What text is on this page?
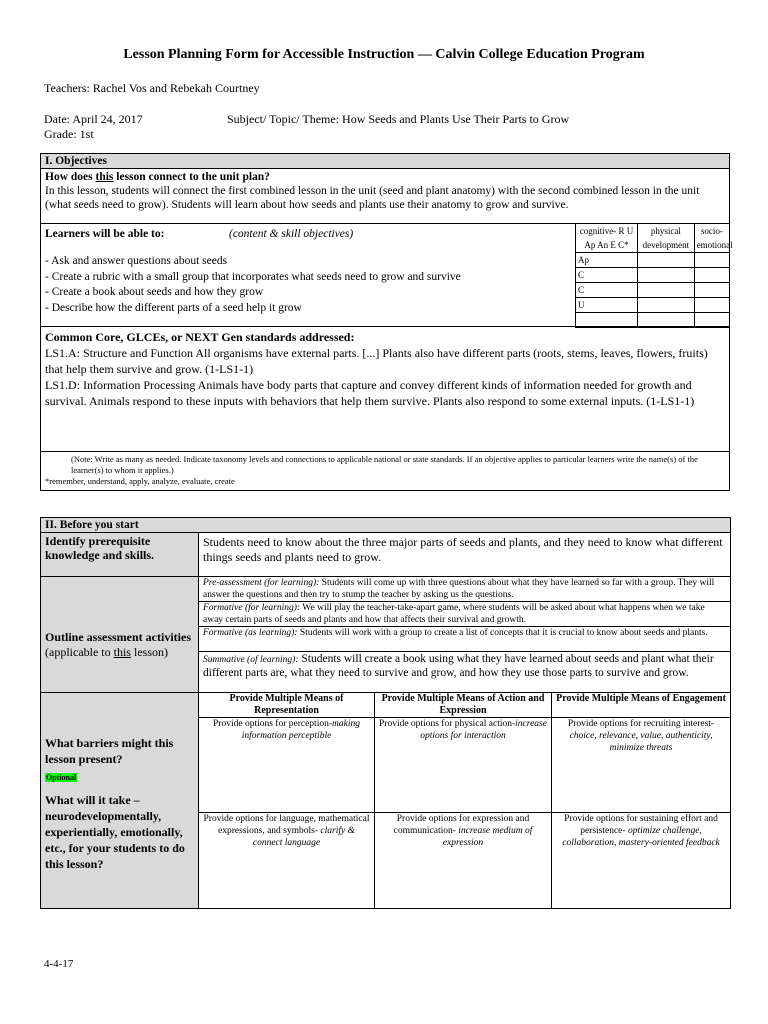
Lesson Planning Form for Accessible Instruction — Calvin College Education Program
Teachers: Rachel Vos and Rebekah Courtney
Date: April 24, 2017	Subject/ Topic/ Theme: How Seeds and Plants Use Their Parts to Grow
Grade: 1st
I. Objectives

How does this lesson connect to the unit plan?
In this lesson, students will connect the first combined lesson in the unit (seed and plant anatomy) with the second combined lesson in the unit (what seeds need to grow). Students will learn about how seeds and plants use their anatomy to grow and survive.

Learners will be able to:	(content & skill objectives)
- Ask and answer questions about seeds
- Create a rubric with a small group that incorporates what seeds need to grow and survive
- Create a book about seeds and how they grow
- Describe how the different parts of a seed help it grow
cognitive- R U Ap An E C*	physical development	socio-emotional
Ap		
C		
C		
U		

Common Core, GLCEs, or NEXT Gen standards addressed:
LS1.A: Structure and Function All organisms have external parts. [...] Plants also have different parts (roots, stems, leaves, flowers, fruits) that help them survive and grow. (1-LS1-1)
LS1.D: Information Processing Animals have body parts that capture and convey different kinds of information needed for growth and survival. Animals respond to these inputs with behaviors that help them survive. Plants also respond to some external inputs. (1-LS1-1)

(Note: Write as many as needed. Indicate taxonomy levels and connections to applicable national or state standards. If an objective applies to particular learners write the name(s) of the learner(s) to whom it applies.)
*remember, understand, apply, analyze, evaluate, create
II. Before you start			
Identify prerequisite knowledge and skills.	Students need to know about the three major parts of seeds and plants, and they need to know what different things seeds and plants need to grow.		

Outline assessment activities
(applicable to this lesson)	Pre-assessment (for learning): Students will come up with three questions about what they have learned so far with a group. They will answer the questions and then try to stump the teacher by asking us the questions.		
	Formative (for learning): We will play the teacher-take-apart game, where students will be asked about what happens when we take away certain parts of seeds and plants and how that affects their survival and growth.		
	Formative (as learning): Students will work with a group to create a list of concepts that it is crucial to know about seeds and plants.		
	Summative (of learning): Students will create a book using what they have learned about seeds and plant what their different parts are, what they need to survive and grow, and how they use those parts to survive and grow.		

What barriers might this lesson present?
Optional
What will it take – neurodevelopmentally, experientially, emotionally, etc., for your students to do this lesson?	Provide Multiple Means of Representation	Provide Multiple Means of Action and Expression	Provide Multiple Means of Engagement
	Provide options for perception-making information perceptible	Provide options for physical action-increase options for interaction	Provide options for recruiting interest- choice, relevance, value, authenticity, minimize threats
	Provide options for language, mathematical expressions, and symbols- clarify & connect language	Provide options for expression and communication- increase medium of expression	Provide options for sustaining effort and persistence- optimize challenge, collaboration, mastery-oriented feedback
4-4-17
